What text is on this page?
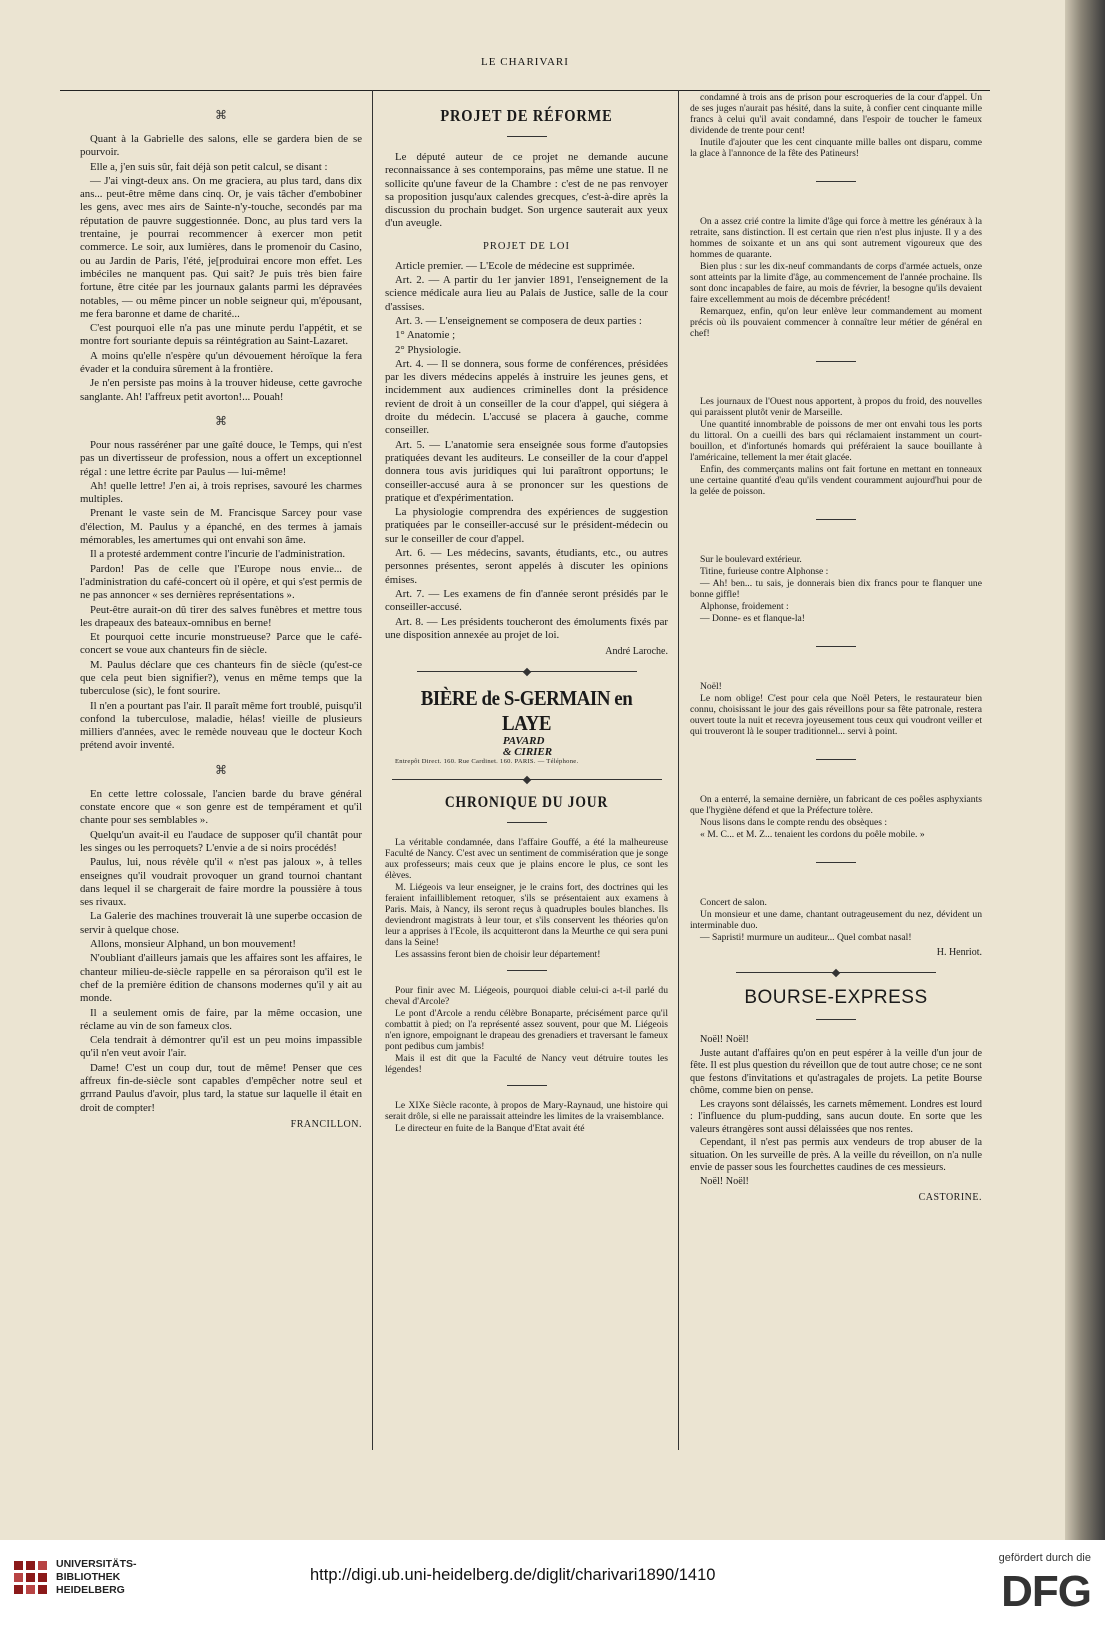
LE CHARIVARI
⌘

Quant à la Gabrielle des salons, elle se gardera bien de se pourvoir.

Elle a, j'en suis sûr, fait déjà son petit calcul, se disant :

— J'ai vingt-deux ans. On me graciera, au plus tard, dans dix ans... peut-être même dans cinq. Or, je vais tâcher d'embobiner les gens, avec mes airs de Sainte-n'y-touche, secondés par ma réputation de pauvre suggestionnée. Donc, au plus tard vers la trentaine, je pourrai recommencer à exercer mon petit commerce. Le soir, aux lumières, dans le promenoir du Casino, ou au Jardin de Paris, l'été, je[produirai encore mon effet. Les imbéciles ne manquent pas. Qui sait? Je puis très bien faire fortune, être citée par les journaux galants parmi les dépravées notables, — ou même pincer un noble seigneur qui, m'épousant, me fera baronne et dame de charité...

C'est pourquoi elle n'a pas une minute perdu l'appétit, et se montre fort souriante depuis sa réintégration au Saint-Lazaret.

A moins qu'elle n'espère qu'un dévouement héroïque la fera évader et la conduira sûrement à la frontière.

Je n'en persiste pas moins à la trouver hideuse, cette gavroche sanglante. Ah! l'affreux petit avorton!... Pouah!

⌘

Pour nous rasséréner par une gaîté douce, le Temps, qui n'est pas un divertisseur de profession, nous a offert un exceptionnel régal : une lettre écrite par Paulus — lui-même!

Ah! quelle lettre! J'en ai, à trois reprises, savouré les charmes multiples.

Prenant le vaste sein de M. Francisque Sarcey pour vase d'élection, M. Paulus y a épanché, en des termes à jamais mémorables, les amertumes qui ont envahi son âme.

Il a protesté ardemment contre l'incurie de l'administration.

Pardon! Pas de celle que l'Europe nous envie... de l'administration du café-concert où il opère, et qui s'est permis de ne pas annoncer « ses dernières représentations ».

Peut-être aurait-on dû tirer des salves funèbres et mettre tous les drapeaux des bateaux-omnibus en berne!

Et pourquoi cette incurie monstrueuse? Parce que le café-concert se voue aux chanteurs fin de siècle.

M. Paulus déclare que ces chanteurs fin de siècle (qu'est-ce que cela peut bien signifier?), venus en même temps que la tuberculose (sic), le font sourire.

Il n'en a pourtant pas l'air. Il paraît même fort troublé, puisqu'il confond la tuberculose, maladie, hélas! vieille de plusieurs milliers d'années, avec le remède nouveau que le docteur Koch prétend avoir inventé.

⌘

En cette lettre colossale, l'ancien barde du brave général constate encore que « son genre est de tempérament et qu'il chante pour ses semblables ».

Quelqu'un avait-il eu l'audace de supposer qu'il chantât pour les singes ou les perroquets? L'envie a de si noirs procédés!

Paulus, lui, nous révèle qu'il « n'est pas jaloux », à telles enseignes qu'il voudrait provoquer un grand tournoi chantant dans lequel il se chargerait de faire mordre la poussière à tous ses rivaux.

La Galerie des machines trouverait là une superbe occasion de servir à quelque chose.

Allons, monsieur Alphand, un bon mouvement!

N'oubliant d'ailleurs jamais que les affaires sont les affaires, le chanteur milieu-de-siècle rappelle en sa péroraison qu'il est le chef de la première édition de chansons modernes qu'il y ait au monde.

Il a seulement omis de faire, par la même occasion, une réclame au vin de son fameux clos.

Cela tendrait à démontrer qu'il est un peu moins impassible qu'il n'en veut avoir l'air.

Dame! C'est un coup dur, tout de même! Penser que ces affreux fin-de-siècle sont capables d'empêcher notre seul et grrrand Paulus d'avoir, plus tard, la statue sur laquelle il était en droit de compter!

FRANCILLON.
PROJET DE RÉFORME

Le député auteur de ce projet ne demande aucune reconnaissance à ses contemporains, pas même une statue. Il ne sollicite qu'une faveur de la Chambre : c'est de ne pas renvoyer sa proposition jusqu'aux calendes grecques, c'est-à-dire après la discussion du prochain budget. Son urgence sauterait aux yeux d'un aveugle.

PROJET DE LOI

Article premier. — L'Ecole de médecine est supprimée.

Art. 2. — A partir du 1er janvier 1891, l'enseignement de la science médicale aura lieu au Palais de Justice, salle de la cour d'assises.

Art. 3. — L'enseignement se composera de deux parties :

1° Anatomie ;

2° Physiologie.

Art. 4. — Il se donnera, sous forme de conférences, présidées par les divers médecins appelés à instruire les jeunes gens, et incidemment aux audiences criminelles dont la présidence revient de droit à un conseiller de la cour d'appel, qui siégera à droite du médecin. L'accusé se placera à gauche, comme conseiller.

Art. 5. — L'anatomie sera enseignée sous forme d'autopsies pratiquées devant les auditeurs. Le conseiller de la cour d'appel donnera tous avis juridiques qui lui paraîtront opportuns; le conseiller-accusé aura à se prononcer sur les questions de pratique et d'expérimentation.

La physiologie comprendra des expériences de suggestion pratiquées par le conseiller-accusé sur le président-médecin ou sur le conseiller de cour d'appel.

Art. 6. — Les médecins, savants, étudiants, etc., ou autres personnes présentes, seront appelés à discuter les opinions émises.

Art. 7. — Les examens de fin d'année seront présidés par le conseiller-accusé.

Art. 8. — Les présidents toucheront des émoluments fixés par une disposition annexée au projet de loi.

André Laroche.
BIÈRE de S-GERMAIN en LAYE PAVARD
& CIRIER
Entrepôt Direct. 160. Rue Cardinet. 160. PARIS. — Téléphone.
CHRONIQUE DU JOUR

La véritable condamnée, dans l'affaire Gouffé, a été la malheureuse Faculté de Nancy. C'est avec un sentiment de commisération que je songe aux professeurs; mais ceux que je plains encore le plus, ce sont les élèves.

M. Liégeois va leur enseigner, je le crains fort, des doctrines qui les feraient infailliblement retoquer, s'ils se présentaient aux examens à Paris. Mais, à Nancy, ils seront reçus à quadruples boules blanches. Ils deviendront magistrats à leur tour, et s'ils conservent les théories qu'on leur a apprises à l'Ecole, ils acquitteront dans la Meurthe ce qui sera puni dans la Seine!

Les assassins feront bien de choisir leur département!

Pour finir avec M. Liégeois, pourquoi diable celui-ci a-t-il parlé du cheval d'Arcole?

Le pont d'Arcole a rendu célèbre Bonaparte, précisément parce qu'il combattit à pied; on l'a représenté assez souvent, pour que M. Liégeois n'en ignore, empoignant le drapeau des grenadiers et traversant le fameux pont pedibus cum jambis!

Mais il est dit que la Faculté de Nancy veut détruire toutes les légendes!

Le XIXe Siècle raconte, à propos de Mary-Raynaud, une histoire qui serait drôle, si elle ne paraissait atteindre les limites de la vraisemblance.

Le directeur en fuite de la Banque d'Etat avait été

condamné à trois ans de prison pour escroqueries de la cour d'appel. Un de ses juges n'aurait pas hésité, dans la suite, à confier cent cinquante mille francs à celui qu'il avait condamné, dans l'espoir de toucher le fameux dividende de trente pour cent!

Inutile d'ajouter que les cent cinquante mille balles ont disparu, comme la glace à l'annonce de la fête des Patineurs!

On a assez crié contre la limite d'âge qui force à mettre les généraux à la retraite, sans distinction. Il est certain que rien n'est plus injuste. Il y a des hommes de soixante et un ans qui sont autrement vigoureux que des hommes de quarante.

Bien plus : sur les dix-neuf commandants de corps d'armée actuels, onze sont atteints par la limite d'âge, au commencement de l'année prochaine. Ils sont donc incapables de faire, au mois de février, la besogne qu'ils devaient faire excellemment au mois de décembre précédent!

Remarquez, enfin, qu'on leur enlève leur commandement au moment précis où ils pouvaient commencer à connaître leur métier de général en chef!

Les journaux de l'Ouest nous apportent, à propos du froid, des nouvelles qui paraissent plutôt venir de Marseille.

Une quantité innombrable de poissons de mer ont envahi tous les ports du littoral. On a cueilli des bars qui réclamaient instamment un court-bouillon, et d'infortunés homards qui préféraient la sauce bouillante à l'américaine, tellement la mer était glacée.

Enfin, des commerçants malins ont fait fortune en mettant en tonneaux une certaine quantité d'eau qu'ils vendent couramment aujourd'hui pour de la gelée de poisson.

Sur le boulevard extérieur.

Titine, furieuse contre Alphonse :

— Ah! ben... tu sais, je donnerais bien dix francs pour te flanquer une bonne giffle!

Alphonse, froidement :

— Donne- es et flanque-la!

Noël!

Le nom oblige! C'est pour cela que Noël Peters, le restaurateur bien connu, choisissant le jour des gais réveillons pour sa fête patronale, restera ouvert toute la nuit et recevra joyeusement tous ceux qui voudront veiller et qui trouveront là le souper traditionnel... servi à point.

On a enterré, la semaine dernière, un fabricant de ces poêles asphyxiants que l'hygiène défend et que la Préfecture tolère.

Nous lisons dans le compte rendu des obsèques :

« M. C... et M. Z... tenaient les cordons du poêle mobile. »

Concert de salon.

Un monsieur et une dame, chantant outrageusement du nez, dévident un interminable duo.

— Sapristi! murmure un auditeur... Quel combat nasal!

H. Henriot.
BOURSE-EXPRESS

Noël! Noël!

Juste autant d'affaires qu'on en peut espérer à la veille d'un jour de fête. Il est plus question du réveillon que de tout autre chose; ce ne sont que festons d'invitations et qu'astragales de projets. La petite Bourse chôme, comme bien on pense.

Les crayons sont délaissés, les carnets mêmement. Londres est lourd : l'influence du plum-pudding, sans aucun doute. En sorte que les valeurs étrangères sont aussi délaissées que nos rentes.

Cependant, il n'est pas permis aux vendeurs de trop abuser de la situation. On les surveille de près. A la veille du réveillon, on n'a nulle envie de passer sous les fourchettes caudines de ces messieurs.

Noël! Noël!

CASTORINE.
UNIVERSITÄTS-
BIBLIOTHEK
HEIDELBERG
http://digi.ub.uni-heidelberg.de/diglit/charivari1890/1410
gefördert durch die
DFG
